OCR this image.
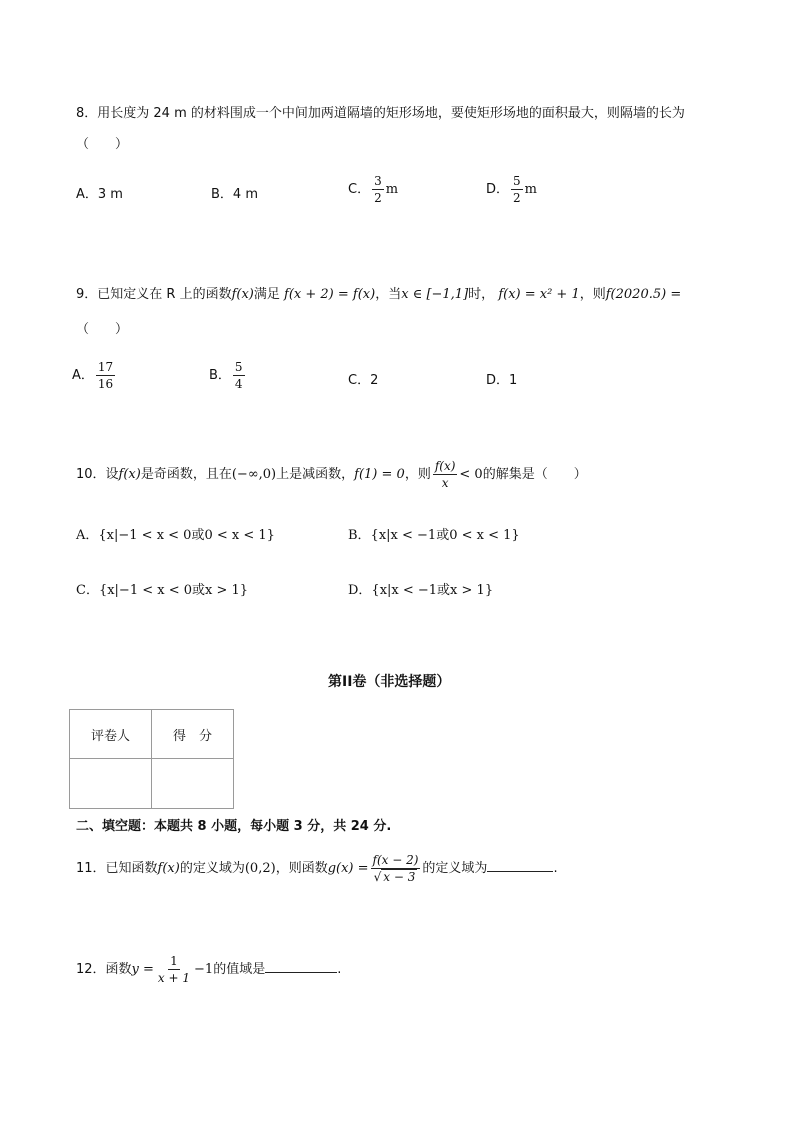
8．用长度为 24 m 的材料围成一个中间加两道隔墙的矩形场地，要使矩形场地的面积最大，则隔墙的长为
（　　）
A．3 m	B．4 m	C． $\frac{3}{2}$ m	D． $\frac{5}{2}$ m
9．已知定义在 R 上的函数f(x)满足 f(x + 2) = f(x)，当x ∈ [−1,1]时， f(x) = x² + 1，则f(2020.5) =
（　　）
A． $\frac{17}{16}$	B． $\frac{5}{4}$	C．2	D．1
10．设f(x)是奇函数，且在(−∞,0)上是减函数，f(1) = 0，则 $\frac{f(x)}{x} < 0$的解集是（　　）
A．{x|−1 < x < 0或0 < x < 1}	B．{x|x < −1或0 < x < 1}
C．{x|−1 < x < 0或x > 1}	D．{x|x < −1或x > 1}
第II卷（非选择题）
评卷人	得　分

二、填空题：本题共 8 小题，每小题 3 分，共 24 分.
11．已知函数f(x)的定义域为(0,2)，则函数$g(x) = \frac{f(x - 2)}{√ x - 3}$ 的定义域为	.
12．函数$y = \frac{1}{x + 1} -1$的值域是	.
